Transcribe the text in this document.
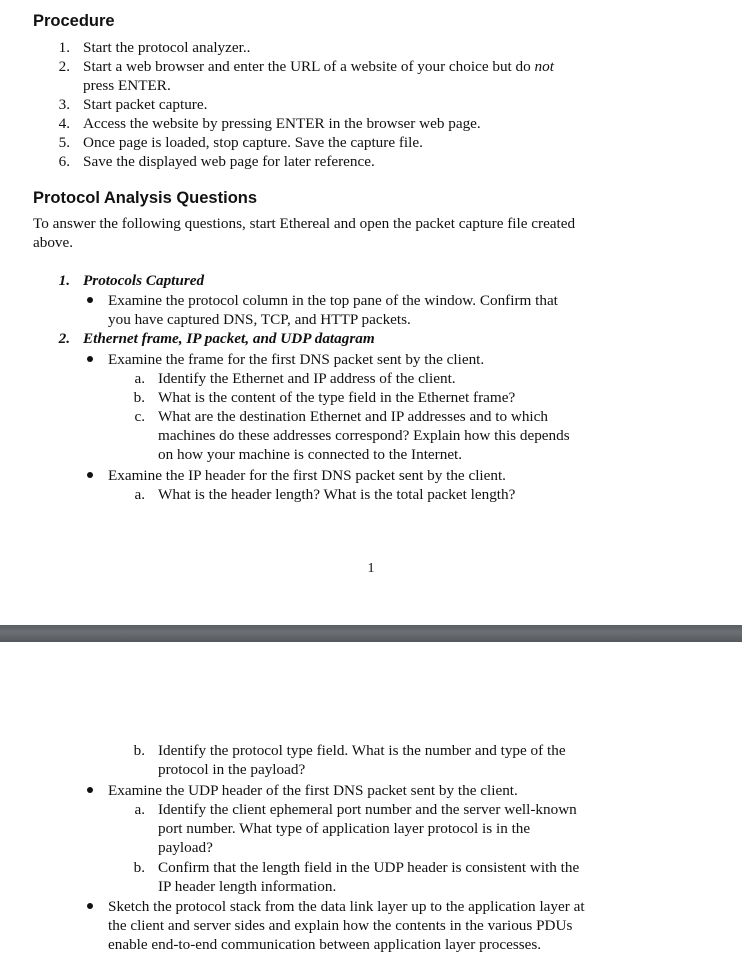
Procedure
1. Start the protocol analyzer..
2. Start a web browser and enter the URL of a website of your choice but do not
press ENTER.
3. Start packet capture.
4. Access the website by pressing ENTER in the browser web page.
5. Once page is loaded, stop capture. Save the capture file.
6. Save the displayed web page for later reference.
Protocol Analysis Questions
To answer the following questions, start Ethereal and open the packet capture file created
above.
1. Protocols Captured
Examine the protocol column in the top pane of the window. Confirm that
you have captured DNS, TCP, and HTTP packets.
2. Ethernet frame, IP packet, and UDP datagram
Examine the frame for the first DNS packet sent by the client.
a. Identify the Ethernet and IP address of the client.
b. What is the content of the type field in the Ethernet frame?
c. What are the destination Ethernet and IP addresses and to which
machines do these addresses correspond? Explain how this depends
on how your machine is connected to the Internet.
Examine the IP header for the first DNS packet sent by the client.
a. What is the header length? What is the total packet length?
1
b. Identify the protocol type field. What is the number and type of the
protocol in the payload?
Examine the UDP header of the first DNS packet sent by the client.
a. Identify the client ephemeral port number and the server well-known
port number. What type of application layer protocol is in the
payload?
b. Confirm that the length field in the UDP header is consistent with the
IP header length information.
Sketch the protocol stack from the data link layer up to the application layer at
the client and server sides and explain how the contents in the various PDUs
enable end-to-end communication between application layer processes.
